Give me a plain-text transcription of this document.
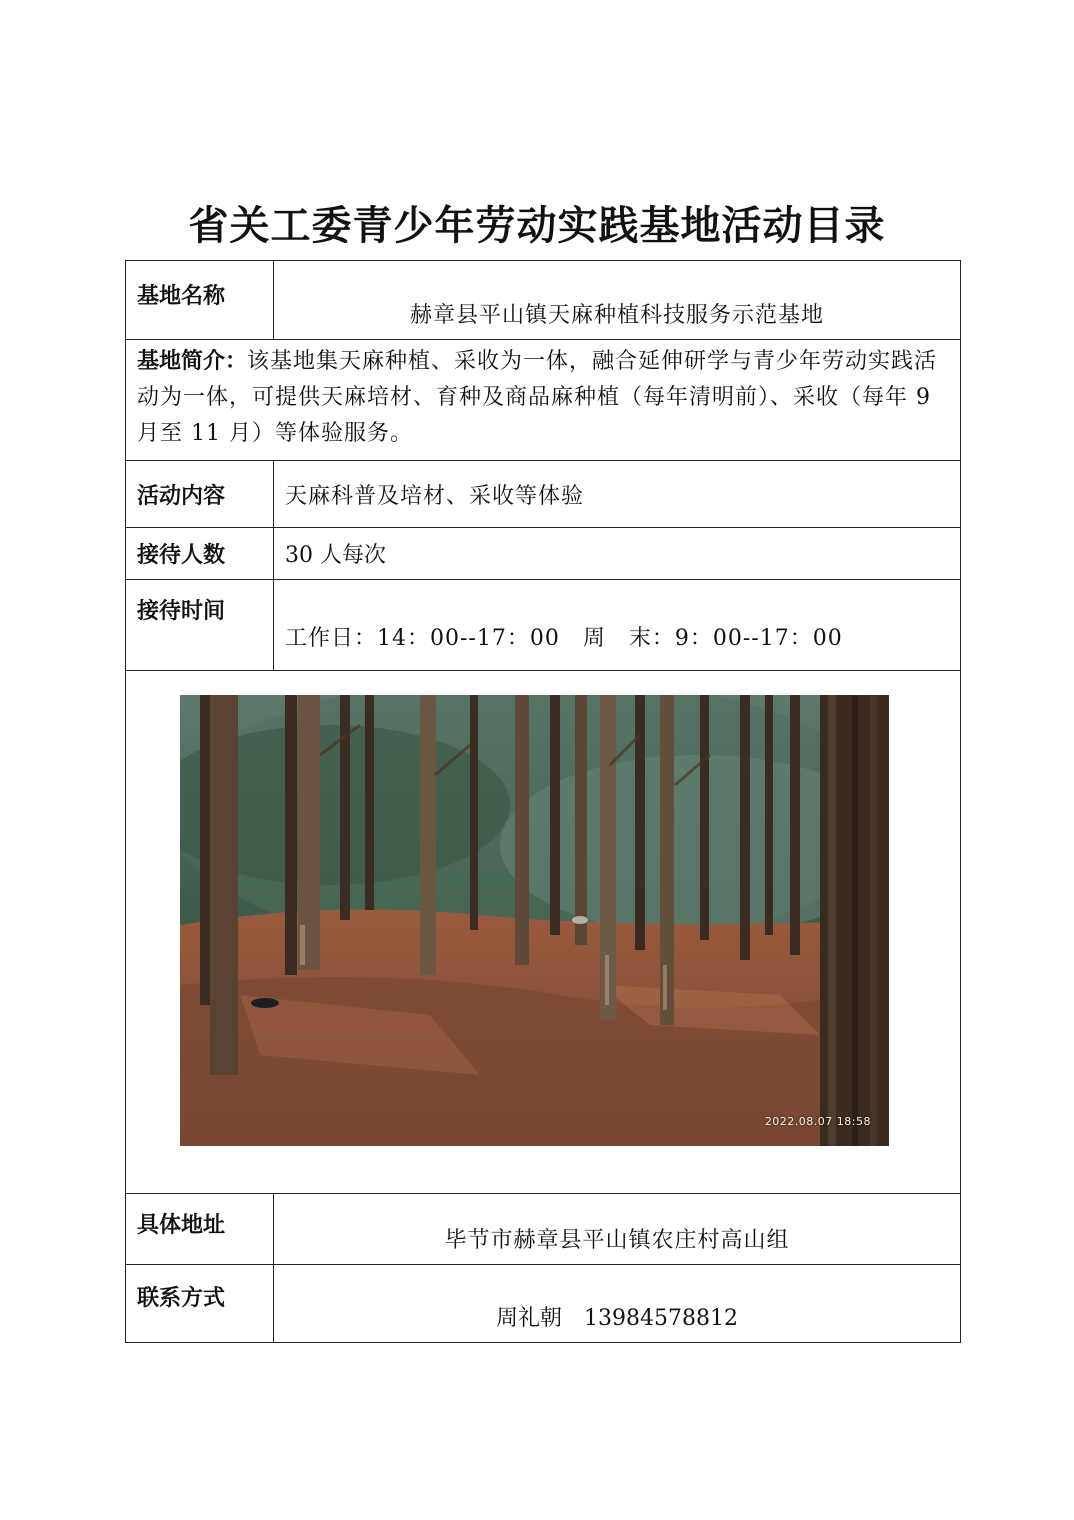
省关工委青少年劳动实践基地活动目录
基地名称	赫章县平山镇天麻种植科技服务示范基地
基地简介：该基地集天麻种植、采收为一体，融合延伸研学与青少年劳动实践活动为一体，可提供天麻培材、育种及商品麻种植（每年清明前）、采收（每年 9 月至 11 月）等体验服务。	
活动内容	天麻科普及培材、采收等体验
接待人数	30 人每次
接待时间	工作日：14：00--17：00　周　末：9：00--17：00

2022.08.07 18:58	

具体地址	毕节市赫章县平山镇农庄村高山组
联系方式	周礼朝　13984578812
